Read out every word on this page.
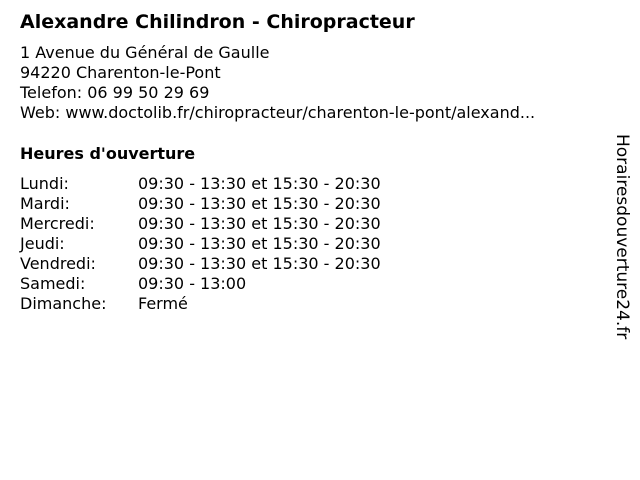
Alexandre Chilindron - Chiropracteur
1 Avenue du Général de Gaulle
94220 Charenton-le-Pont
Telefon: 06 99 50 29 69
Web: www.doctolib.fr/chiropracteur/charenton-le-pont/alexand...
Heures d'ouverture
Lundi:	09:30 - 13:30 et 15:30 - 20:30
Mardi:	09:30 - 13:30 et 15:30 - 20:30
Mercredi:	09:30 - 13:30 et 15:30 - 20:30
Jeudi:	09:30 - 13:30 et 15:30 - 20:30
Vendredi:	09:30 - 13:30 et 15:30 - 20:30
Samedi:	09:30 - 13:00
Dimanche: Fermé	Horairesdouverture24.fr
